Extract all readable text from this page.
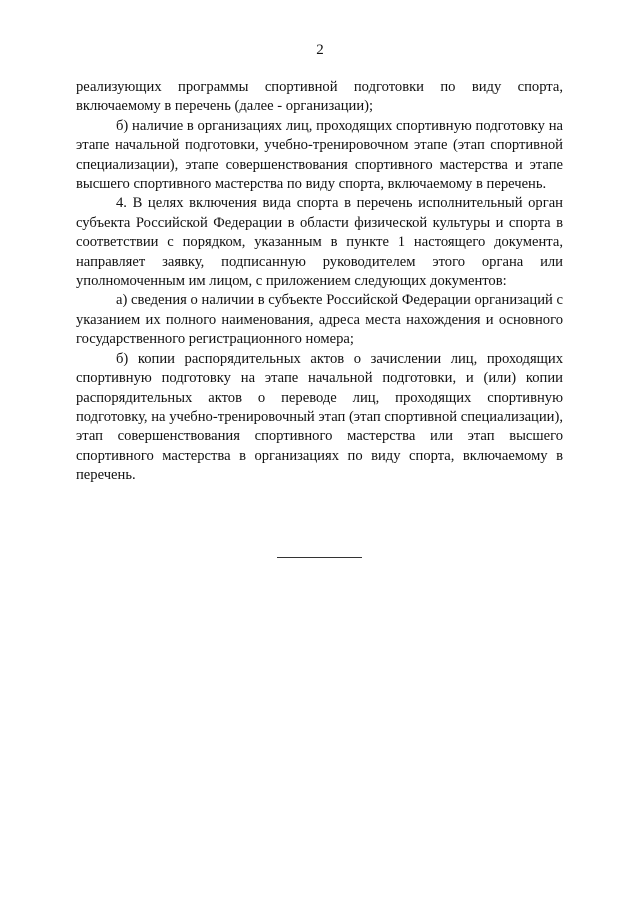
2

реализующих программы спортивной подготовки по виду спорта, включаемому в перечень (далее - организации);

б) наличие в организациях лиц, проходящих спортивную подготовку на этапе начальной подготовки, учебно-тренировочном этапе (этап спортивной специализации), этапе совершенствования спортивного мастерства и этапе высшего спортивного мастерства по виду спорта, включаемому в перечень.

4. В целях включения вида спорта в перечень исполнительный орган субъекта Российской Федерации в области физической культуры и спорта в соответствии с порядком, указанным в пункте 1 настоящего документа, направляет заявку, подписанную руководителем этого органа или уполномоченным им лицом, с приложением следующих документов:

а) сведения о наличии в субъекте Российской Федерации организаций с указанием их полного наименования, адреса места нахождения и основного государственного регистрационного номера;

б) копии распорядительных актов о зачислении лиц, проходящих спортивную подготовку на этапе начальной подготовки, и (или) копии распорядительных актов о переводе лиц, проходящих спортивную подготовку, на учебно-тренировочный этап (этап спортивной специализации), этап совершенствования спортивного мастерства или этап высшего спортивного мастерства в организациях по виду спорта, включаемому в перечень.
